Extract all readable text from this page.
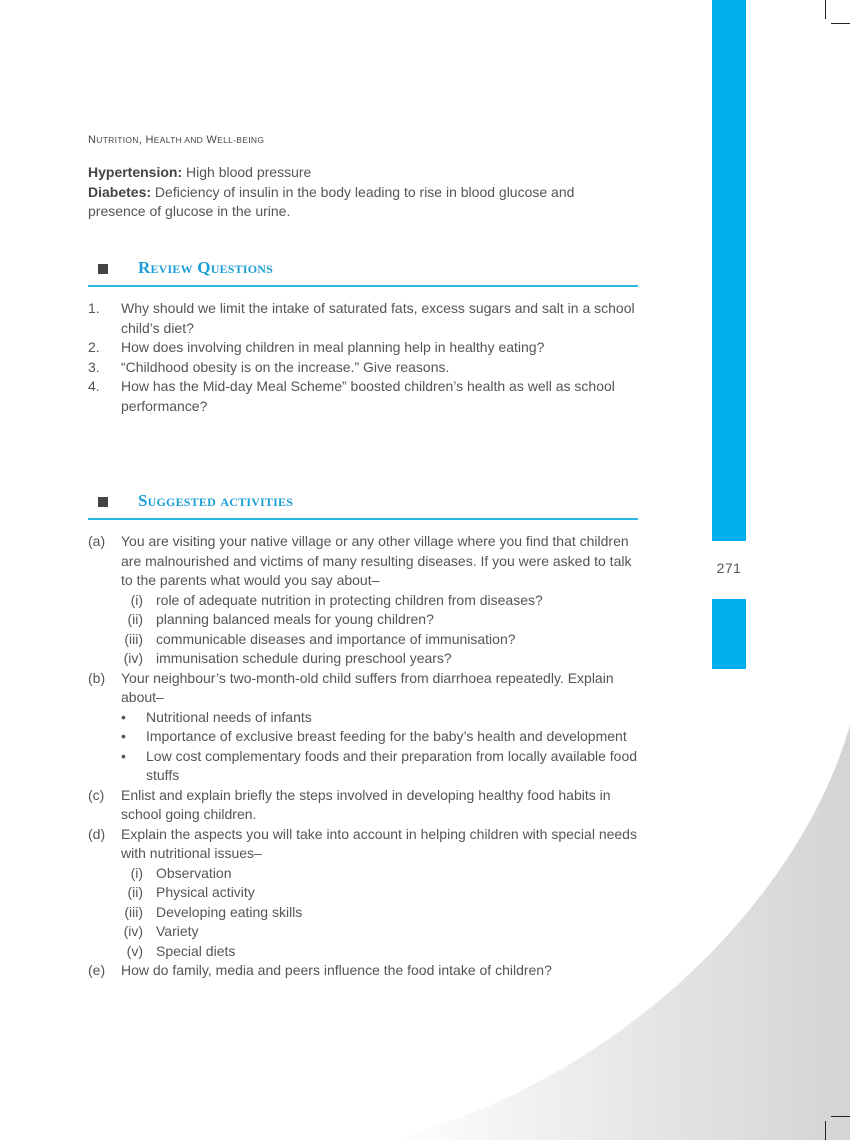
271
NUTRITION, HEALTH AND WELL-BEING
Hypertension: High blood pressure
Diabetes: Deficiency of insulin in the body leading to rise in blood glucose and presence of glucose in the urine.
Review Questions
1. Why should we limit the intake of saturated fats, excess sugars and salt in a school child’s diet?
2. How does involving children in meal planning help in healthy eating?
3. “Childhood obesity is on the increase.” Give reasons.
4. How has the Mid-day Meal Scheme” boosted children’s health as well as school performance?
Suggested activities
(a) You are visiting your native village or any other village where you find that children are malnourished and victims of many resulting diseases. If you were asked to talk to the parents what would you say about–
(i) role of adequate nutrition in protecting children from diseases?
(ii) planning balanced meals for young children?
(iii) communicable diseases and importance of immunisation?
(iv) immunisation schedule during preschool years?
(b) Your neighbour’s two-month-old child suffers from diarrhoea repeatedly. Explain about–
• Nutritional needs of infants
• Importance of exclusive breast feeding for the baby’s health and development
• Low cost complementary foods and their preparation from locally available food stuffs
(c) Enlist and explain briefly the steps involved in developing healthy food habits in school going children.
(d) Explain the aspects you will take into account in helping children with special needs with nutritional issues–
(i) Observation
(ii) Physical activity
(iii) Developing eating skills
(iv) Variety
(v) Special diets
(e) How do family, media and peers influence the food intake of children?
